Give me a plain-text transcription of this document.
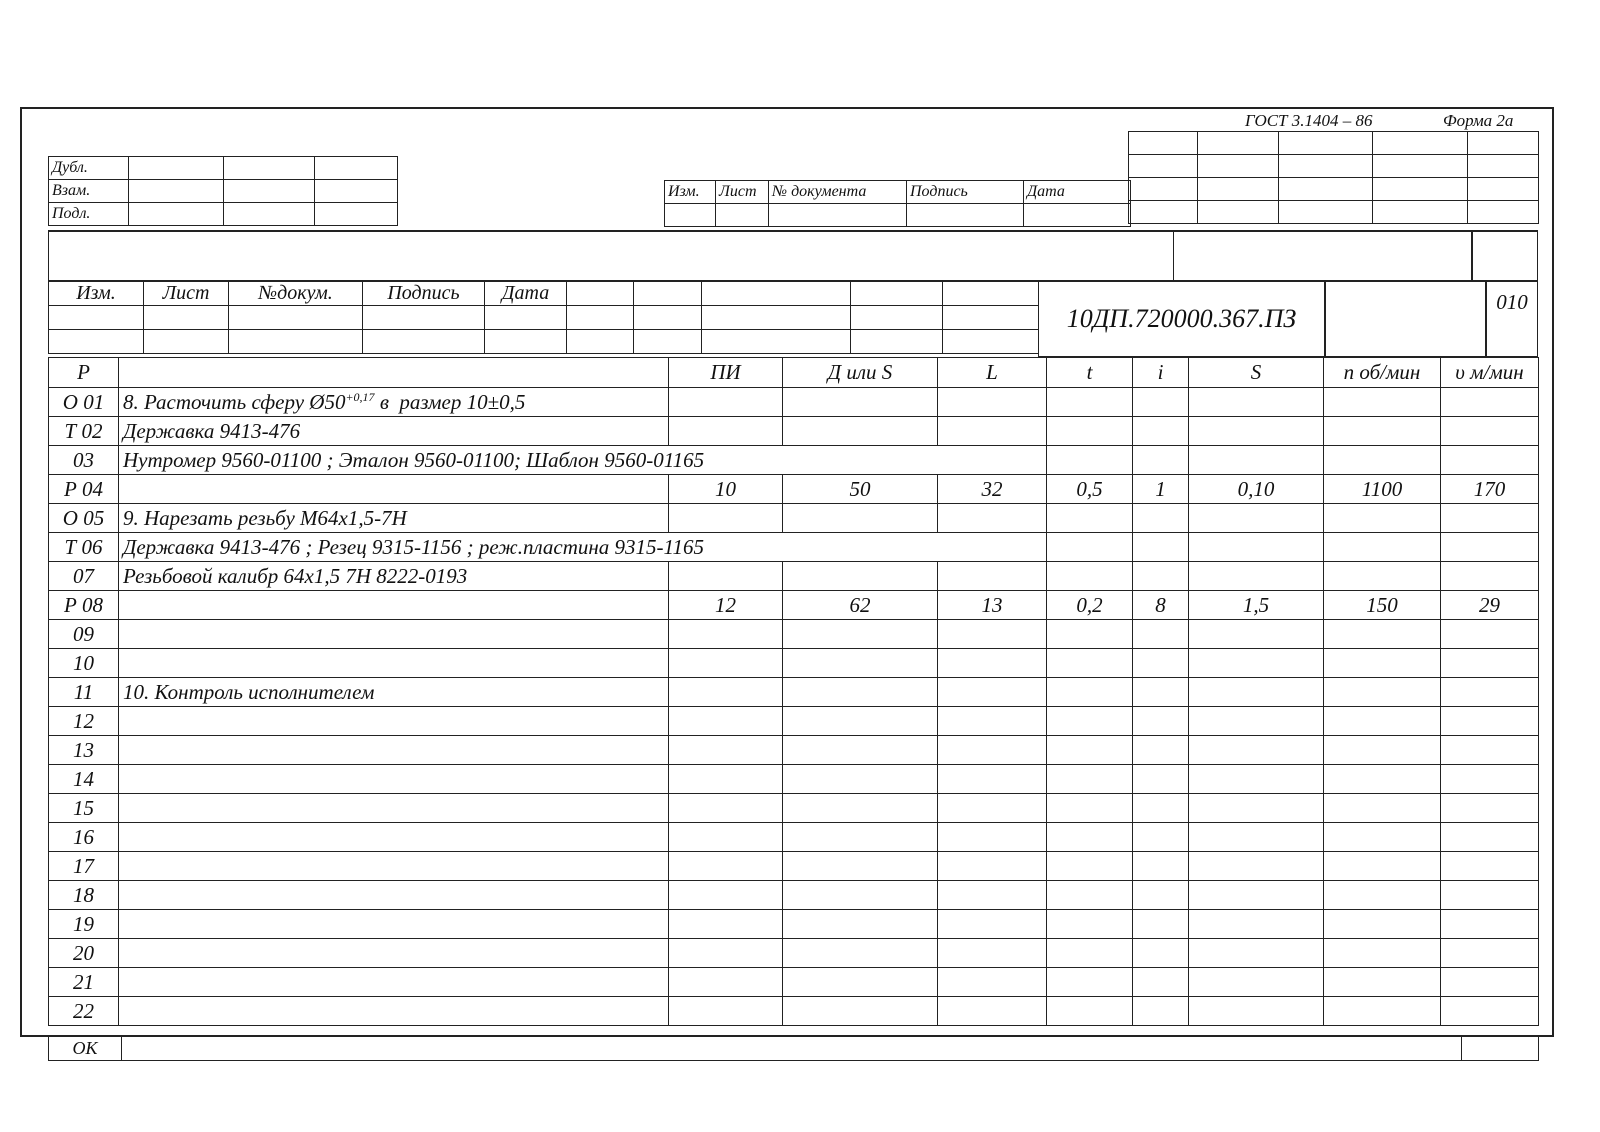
ГОСТ 3.1404 – 86	Форма 2а

Дубл.			
Взам.			
Подл.			
Изм.	Лист	№ документа	Подпись	Дата

Изм.	Лист	№докум.	Подпись	Дата					

10ДП.720000.367.ПЗ
010
Р		ПИ	Д или S	L	t	i	S	n об/мин	υ м/мин
О 01	8. Расточить сферу $Ø50^{+0,17}$ в  размер 10±0,5								
Т 02	Державка 9413-476								
03	Нутромер 9560-01100 ; Эталон 9560-01100; Шаблон 9560-01165								
Р 04		10	50	32	0,5	1	0,10	1100	170
О 05	9. Нарезать резьбу М64х1,5-7Н								
Т 06	Державка 9413-476 ; Резец 9315-1156 ; реж.пластина 9315-1165								
07	Резьбовой калибр 64х1,5 7Н 8222-0193								
Р 08		12	62	13	0,2	8	1,5	150	29
09									
10									
11	10. Контроль исполнителем								
12									
13									
14									
15									
16									
17									
18									
19									
20									
21									
22									
ОК		
